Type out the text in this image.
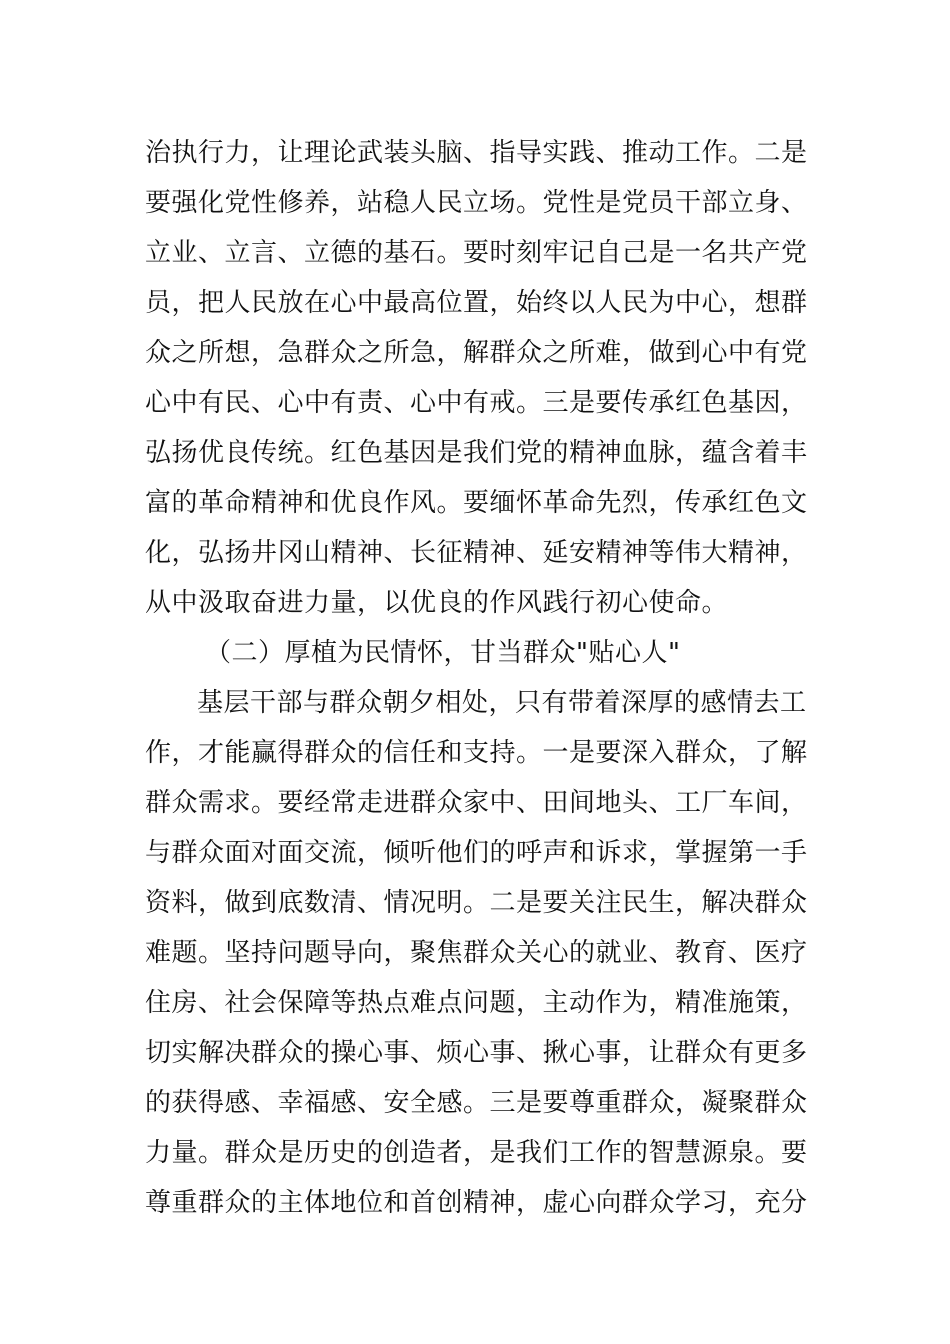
治执行力，让理论武装头脑、指导实践、推动工作。二是
要强化党性修养，站稳人民立场。党性是党员干部立身、
立业、立言、立德的基石。要时刻牢记自己是一名共产党
员，把人民放在心中最高位置，始终以人民为中心，想群
众之所想，急群众之所急，解群众之所难，做到心中有党
心中有民、心中有责、心中有戒。三是要传承红色基因，
弘扬优良传统。红色基因是我们党的精神血脉，蕴含着丰
富的革命精神和优良作风。要缅怀革命先烈，传承红色文
化，弘扬井冈山精神、长征精神、延安精神等伟大精神，
从中汲取奋进力量，以优良的作风践行初心使命。
（二）厚植为民情怀，甘当群众"贴心人"
基层干部与群众朝夕相处，只有带着深厚的感情去工
作，才能赢得群众的信任和支持。一是要深入群众，了解
群众需求。要经常走进群众家中、田间地头、工厂车间，
与群众面对面交流，倾听他们的呼声和诉求，掌握第一手
资料，做到底数清、情况明。二是要关注民生，解决群众
难题。坚持问题导向，聚焦群众关心的就业、教育、医疗
住房、社会保障等热点难点问题，主动作为，精准施策，
切实解决群众的操心事、烦心事、揪心事，让群众有更多
的获得感、幸福感、安全感。三是要尊重群众，凝聚群众
力量。群众是历史的创造者，是我们工作的智慧源泉。要
尊重群众的主体地位和首创精神，虚心向群众学习，充分
